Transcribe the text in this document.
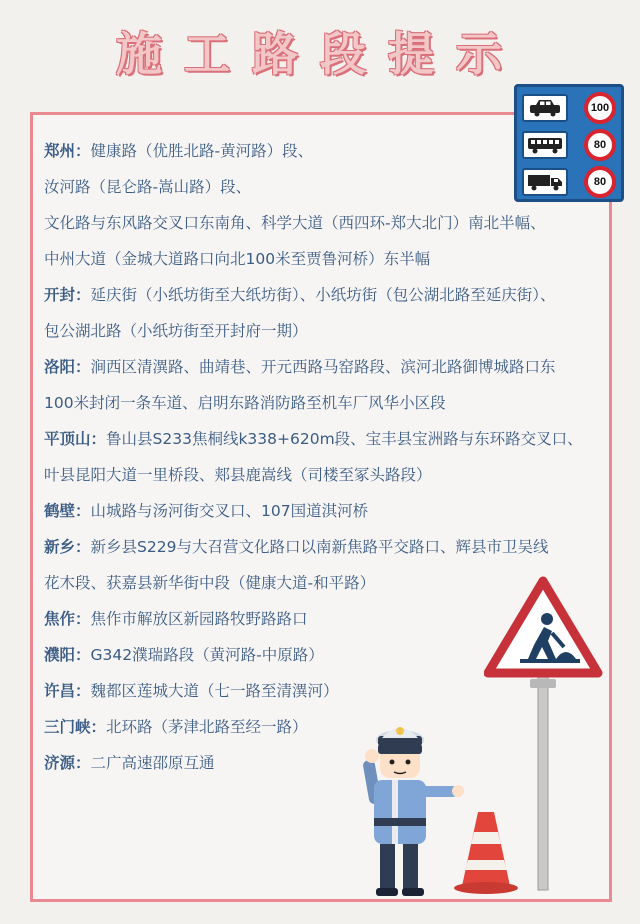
施工路段提示
100
80
80
郑州：健康路（优胜北路-黄河路）段、
汝河路（昆仑路-嵩山路）段、
文化路与东风路交叉口东南角、科学大道（西四环-郑大北门）南北半幅、
中州大道（金城大道路口向北100米至贾鲁河桥）东半幅
开封：延庆街（小纸坊街至大纸坊街）、小纸坊街（包公湖北路至延庆街）、
包公湖北路（小纸坊街至开封府一期）
洛阳：涧西区清潩路、曲靖巷、开元西路马窑路段、滨河北路御博城路口东
100米封闭一条车道、启明东路消防路至机车厂风华小区段
平顶山：鲁山县S233焦桐线k338+620m段、宝丰县宝洲路与东环路交叉口、
叶县昆阳大道一里桥段、郏县鹿嵩线（司楼至冢头路段）
鹤壁：山城路与汤河街交叉口、107国道淇河桥
新乡：新乡县S229与大召营文化路口以南新焦路平交路口、辉县市卫吴线
花木段、获嘉县新华街中段（健康大道-和平路）
焦作：焦作市解放区新园路牧野路路口
濮阳：G342濮瑞路段（黄河路-中原路）
许昌：魏都区莲城大道（七一路至清潩河）
三门峡：北环路（茅津北路至经一路）
济源：二广高速邵原互通
